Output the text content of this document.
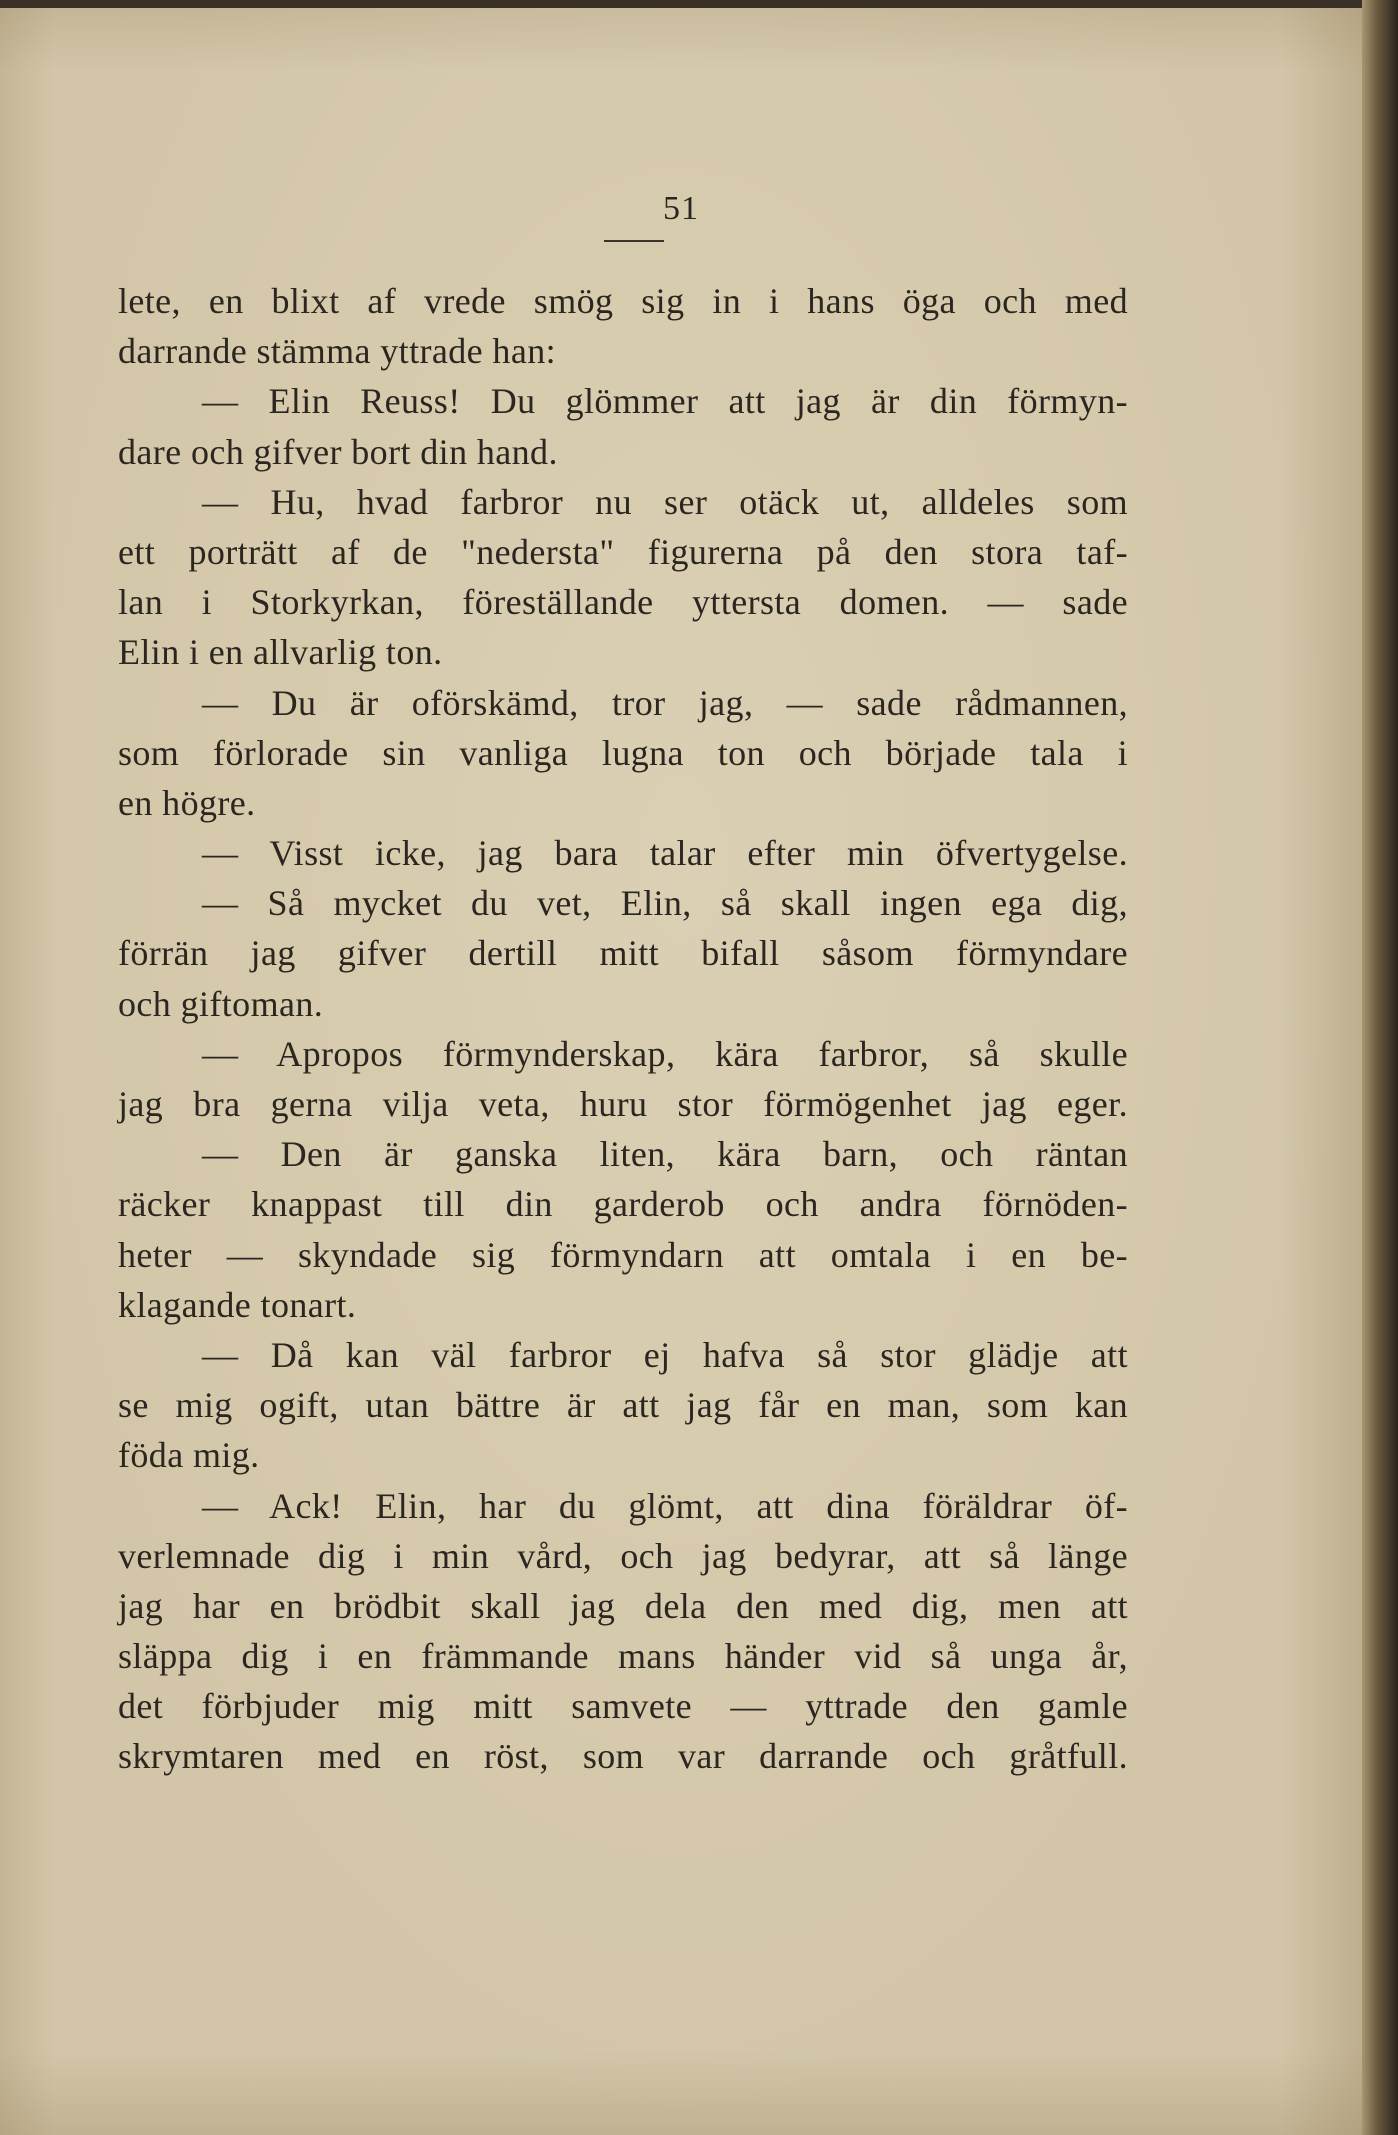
51
lete, en blixt af vrede smög sig in i hans öga och med
darrande stämma yttrade han:
— Elin Reuss! Du glömmer att jag är din förmyn-
dare och gifver bort din hand.
— Hu, hvad farbror nu ser otäck ut, alldeles som
ett porträtt af de "nedersta" figurerna på den stora taf-
lan i Storkyrkan, föreställande yttersta domen. — sade
Elin i en allvarlig ton.
— Du är oförskämd, tror jag, — sade rådmannen,
som förlorade sin vanliga lugna ton och började tala i
en högre.
— Visst icke, jag bara talar efter min öfvertygelse.
— Så mycket du vet, Elin, så skall ingen ega dig,
förrän jag gifver dertill mitt bifall såsom förmyndare
och giftoman.
— Apropos förmynderskap, kära farbror, så skulle
jag bra gerna vilja veta, huru stor förmögenhet jag eger.
— Den är ganska liten, kära barn, och räntan
räcker knappast till din garderob och andra förnöden-
heter — skyndade sig förmyndarn att omtala i en be-
klagande tonart.
— Då kan väl farbror ej hafva så stor glädje att
se mig ogift, utan bättre är att jag får en man, som kan
föda mig.
— Ack! Elin, har du glömt, att dina föräldrar öf-
verlemnade dig i min vård, och jag bedyrar, att så länge
jag har en brödbit skall jag dela den med dig, men att
släppa dig i en främmande mans händer vid så unga år,
det förbjuder mig mitt samvete — yttrade den gamle
skrymtaren med en röst, som var darrande och gråtfull.
